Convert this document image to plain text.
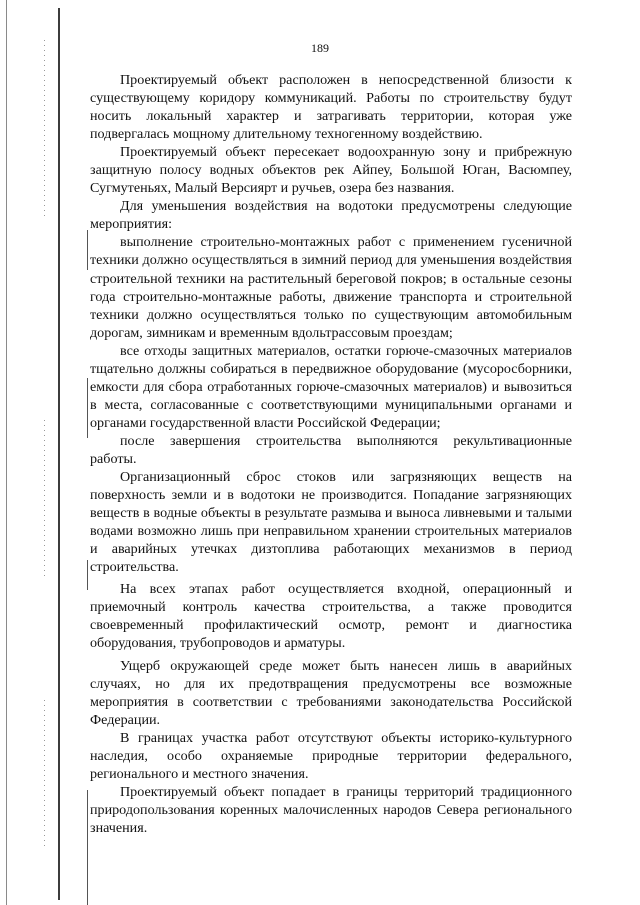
189

Проектируемый объект расположен в непосредственной близости к существующему коридору коммуникаций. Работы по строительству будут носить локальный характер и затрагивать территории, которая уже подвергалась мощному длительному техногенному воздействию.

Проектируемый объект пересекает водоохранную зону и прибрежную защитную полосу водных объектов рек Айпеу, Большой Юган, Васюмпеу, Сугмутеньях, Малый Версиярт и ручьев, озера без названия.

Для уменьшения воздействия на водотоки предусмотрены следующие мероприятия:

выполнение строительно-монтажных работ с применением гусеничной техники должно осуществляться в зимний период для уменьшения воздействия строительной техники на растительный береговой покров; в остальные сезоны года строительно-монтажные работы, движение транспорта и строительной техники должно осуществляться только по существующим автомобильным дорогам, зимникам и временным вдольтрассовым проездам;

все отходы защитных материалов, остатки горюче-смазочных материалов тщательно должны собираться в передвижное оборудование (мусоросборники, емкости для сбора отработанных горюче-смазочных материалов) и вывозиться в места, согласованные с соответствующими муниципальными органами и органами государственной власти Российской Федерации;

после завершения строительства выполняются рекультивационные работы.

Организационный сброс стоков или загрязняющих веществ на поверхность земли и в водотоки не производится. Попадание загрязняющих веществ в водные объекты в результате размыва и выноса ливневыми и талыми водами возможно лишь при неправильном хранении строительных материалов и аварийных утечках дизтоплива работающих механизмов в период строительства.

На всех этапах работ осуществляется входной, операционный и приемочный контроль качества строительства, а также проводится своевременный профилактический осмотр, ремонт и диагностика оборудования, трубопроводов и арматуры.

Ущерб окружающей среде может быть нанесен лишь в аварийных случаях, но для их предотвращения предусмотрены все возможные мероприятия в соответствии с требованиями законодательства Российской Федерации.

В границах участка работ отсутствуют объекты историко-культурного наследия, особо охраняемые природные территории федерального, регионального и местного значения.

Проектируемый объект попадает в границы территорий традиционного природопользования коренных малочисленных народов Севера регионального значения.
